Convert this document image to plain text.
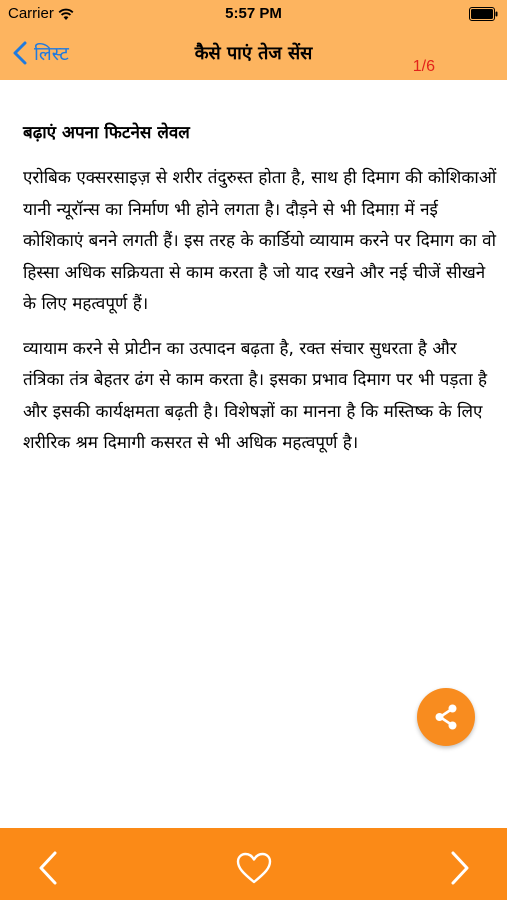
Carrier	5:57 PM
लिस्ट	कैसे पाएं तेज सेंस
1/6
बढ़ाएं अपना फिटनेस लेवल

एरोबिक एक्सरसाइज़ से शरीर तंदुरुस्त होता है, साथ ही दिमाग की कोशिकाओं यानी न्यूरॉन्स का निर्माण भी होने लगता है। दौड़ने से भी दिमाग़ में नई कोशिकाएं बनने लगती हैं। इस तरह के कार्डियो व्यायाम करने पर दिमाग का वो हिस्सा अधिक सक्रियता से काम करता है जो याद रखने और नई चीजें सीखने के लिए महत्वपूर्ण हैं।

व्यायाम करने से प्रोटीन का उत्पादन बढ़ता है, रक्त संचार सुधरता है और तंत्रिका तंत्र बेहतर ढंग से काम करता है। इसका प्रभाव दिमाग पर भी पड़ता है और इसकी कार्यक्षमता बढ़ती है। विशेषज्ञों का मानना है कि मस्तिष्क के लिए शरीरिक श्रम दिमागी कसरत से भी अधिक महत्वपूर्ण है।
